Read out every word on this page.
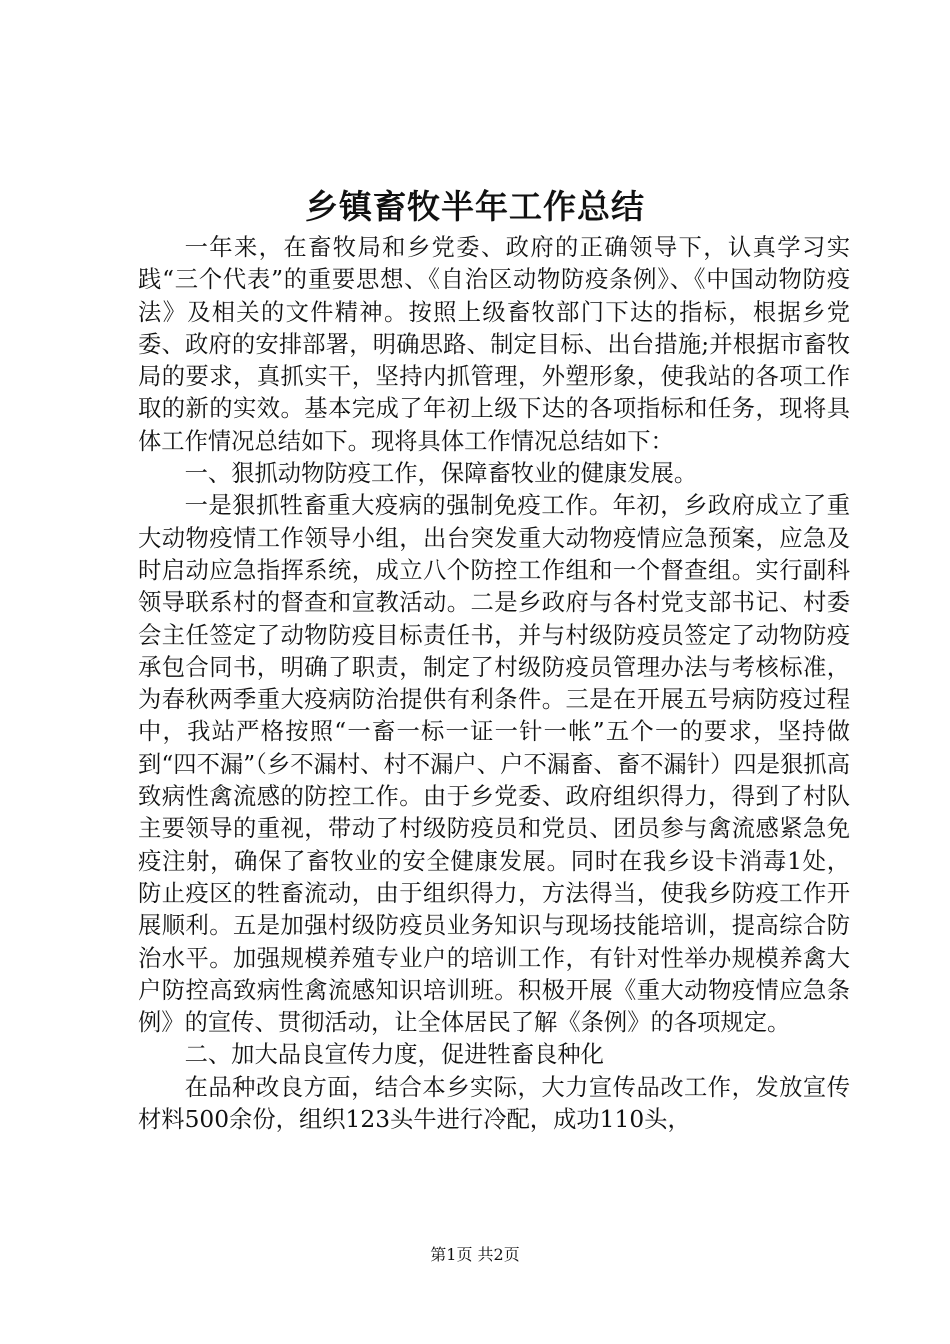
乡镇畜牧半年工作总结

一年来，在畜牧局和乡党委、政府的正确领导下，认真学习实践“三个代表”的重要思想、《自治区动物防疫条例》、《中国动物防疫法》及相关的文件精神。按照上级畜牧部门下达的指标，根据乡党委、政府的安排部署，明确思路、制定目标、出台措施;并根据市畜牧局的要求，真抓实干，坚持内抓管理，外塑形象，使我站的各项工作取的新的实效。基本完成了年初上级下达的各项指标和任务，现将具体工作情况总结如下。现将具体工作情况总结如下：

一、狠抓动物防疫工作，保障畜牧业的健康发展。

一是狠抓牲畜重大疫病的强制免疫工作。年初，乡政府成立了重大动物疫情工作领导小组，出台突发重大动物疫情应急预案，应急及时启动应急指挥系统，成立八个防控工作组和一个督查组。实行副科领导联系村的督查和宣教活动。二是乡政府与各村党支部书记、村委会主任签定了动物防疫目标责任书，并与村级防疫员签定了动物防疫承包合同书，明确了职责，制定了村级防疫员管理办法与考核标准，为春秋两季重大疫病防治提供有利条件。三是在开展五号病防疫过程中，我站严格按照“一畜一标一证一针一帐”五个一的要求，坚持做到“四不漏”（乡不漏村、村不漏户、户不漏畜、畜不漏针）四是狠抓高致病性禽流感的防控工作。由于乡党委、政府组织得力，得到了村队主要领导的重视，带动了村级防疫员和党员、团员参与禽流感紧急免疫注射，确保了畜牧业的安全健康发展。同时在我乡设卡消毒1处，防止疫区的牲畜流动，由于组织得力，方法得当，使我乡防疫工作开展顺利。五是加强村级防疫员业务知识与现场技能培训，提高综合防治水平。加强规模养殖专业户的培训工作，有针对性举办规模养禽大户防控高致病性禽流感知识培训班。积极开展《重大动物疫情应急条例》的宣传、贯彻活动，让全体居民了解《条例》的各项规定。

二、加大品良宣传力度，促进牲畜良种化

在品种改良方面，结合本乡实际，大力宣传品改工作，发放宣传材料500余份，组织123头牛进行冷配，成功110头，

第1页 共2页
